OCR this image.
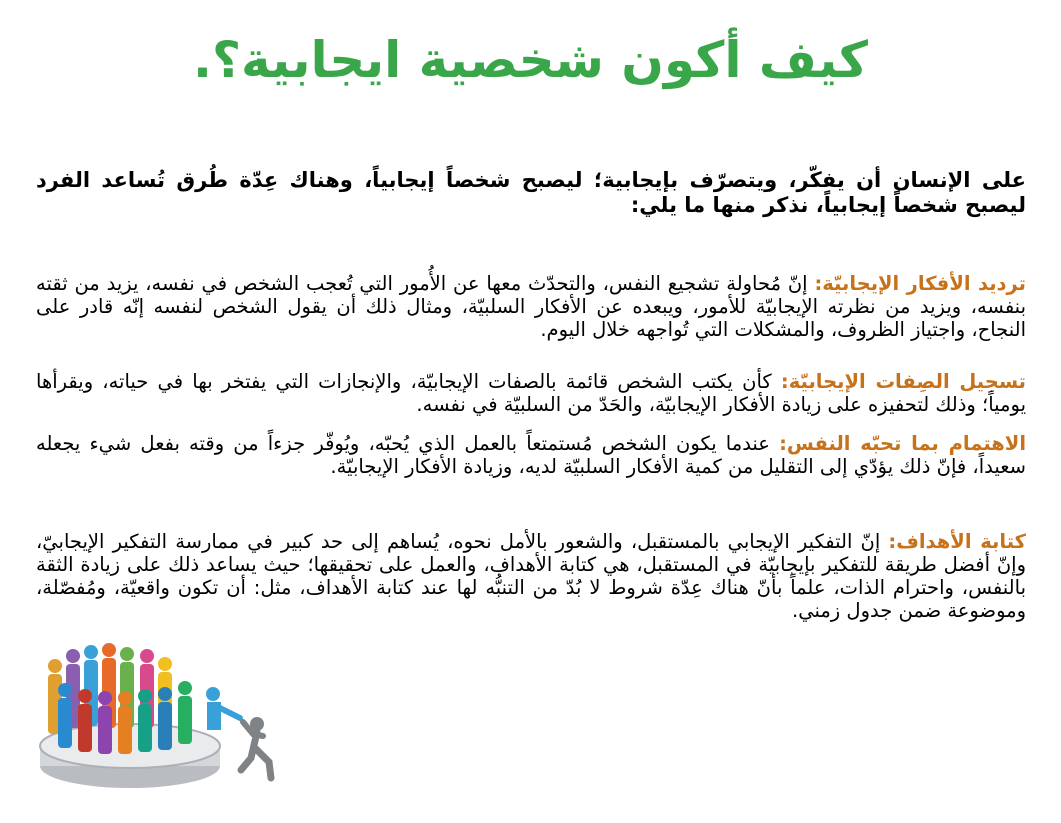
كيف أكون شخصية ايجابية؟.
على الإنسان أن يفكّر، ويتصرّف بإيجابية؛ ليصبح شخصاً إيجابياً، وهناك عِدّة طُرق تُساعد الفرد ليصبح شخصاً إيجابياً، نذكر منها ما يلي:
ترديد الأفكار الإيجابيّة: إنّ مُحاولة تشجيع النفس، والتحدّث معها عن الأُمور التي تُعجب الشخص في نفسه، يزيد من ثقته بنفسه، ويزيد من نظرته الإيجابيّة للأمور، ويبعده عن الأفكار السلبيّة، ومثال ذلك أن يقول الشخص لنفسه إنّه قادر على النجاح، واجتياز الظروف، والمشكلات التي تُواجهه خلال اليوم.
تسجيل الصِفات الإيجابيّة: كأن يكتب الشخص قائمة بالصفات الإيجابيّة، والإنجازات التي يفتخر بها في حياته، ويقرأها يومياً؛ وذلك لتحفيزه على زيادة الأفكار الإيجابيّة، والحَدّ من السلبيّة في نفسه.
الاهتمام بما تحبّه النفس: عندما يكون الشخص مُستمتعاً بالعمل الذي يُحبّه، ويُوفّر جزءاً من وقته بفعل شيء يجعله سعيداً، فإنّ ذلك يؤدّي إلى التقليل من كمية الأفكار السلبيّة لديه، وزيادة الأفكار الإيجابيّة.
كتابة الأهداف: إنّ التفكير الإيجابي بالمستقبل، والشعور بالأمل نحوه، يُساهم إلى حد كبير في ممارسة التفكير الإيجابيّ، وإنّ أفضل طريقة للتفكير بإيجابيّة في المستقبل، هي كتابة الأهداف، والعمل على تحقيقها؛ حيث يساعد ذلك على زيادة الثقة بالنفس، واحترام الذات، علماً بأنّ هناك عِدّة شروط لا بُدّ من التنبُّه لها عند كتابة الأهداف، مثل: أن تكون واقعيّة، ومُفصّلة، وموضوعة ضمن جدول زمني.
